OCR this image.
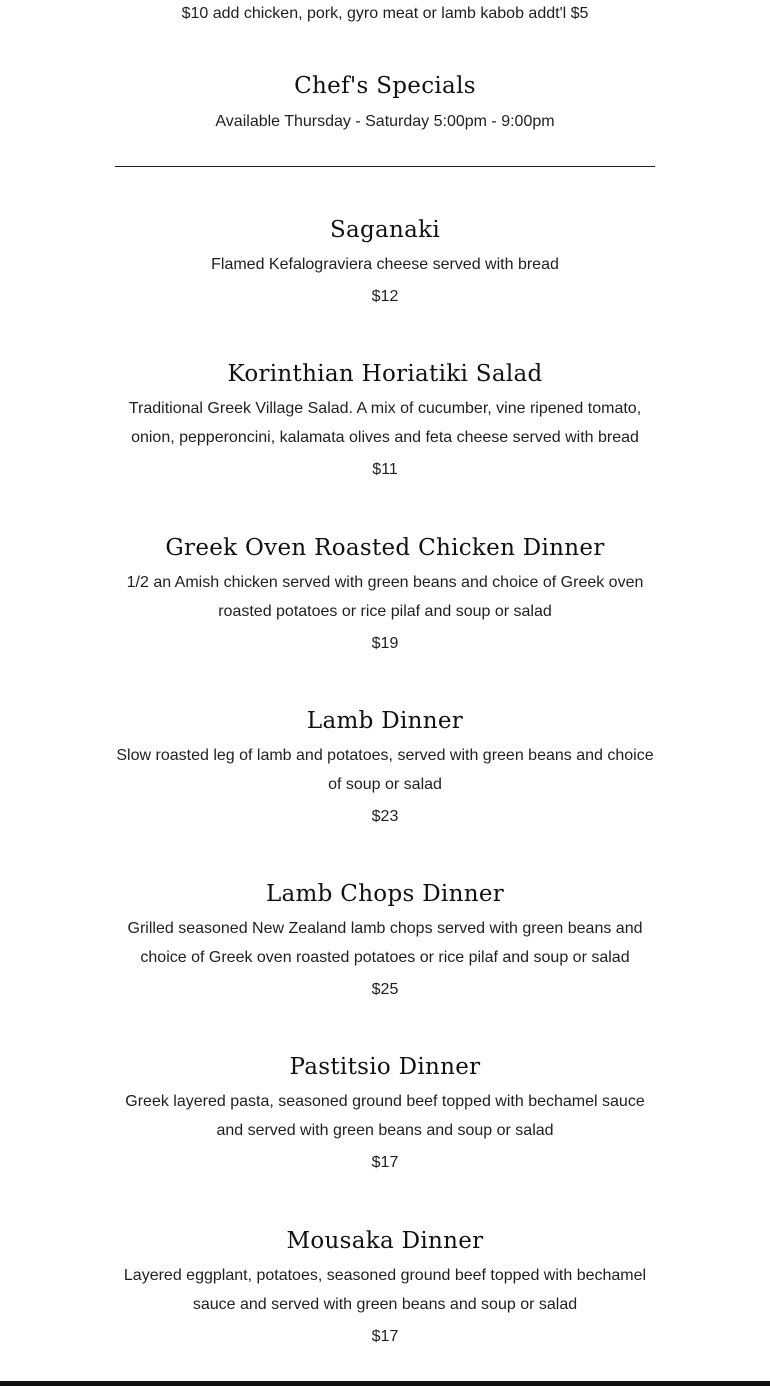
$10 add chicken, pork, gyro meat or lamb kabob addt'l $5
Chef's Specials
Available Thursday - Saturday 5:00pm - 9:00pm
Saganaki
Flamed Kefalograviera cheese served with bread
$12
Korinthian Horiatiki Salad
Traditional Greek Village Salad. A mix of cucumber, vine ripened tomato, onion, pepperoncini, kalamata olives and feta cheese served with bread
$11
Greek Oven Roasted Chicken Dinner
1/2 an Amish chicken served with green beans and choice of Greek oven roasted potatoes or rice pilaf and soup or salad
$19
Lamb Dinner
Slow roasted leg of lamb and potatoes, served with green beans and choice of soup or salad
$23
Lamb Chops Dinner
Grilled seasoned New Zealand lamb chops served with green beans and choice of Greek oven roasted potatoes or rice pilaf and soup or salad
$25
Pastitsio Dinner
Greek layered pasta, seasoned ground beef topped with bechamel sauce and served with green beans and soup or salad
$17
Mousaka Dinner
Layered eggplant, potatoes, seasoned ground beef topped with bechamel sauce and served with green beans and soup or salad
$17
